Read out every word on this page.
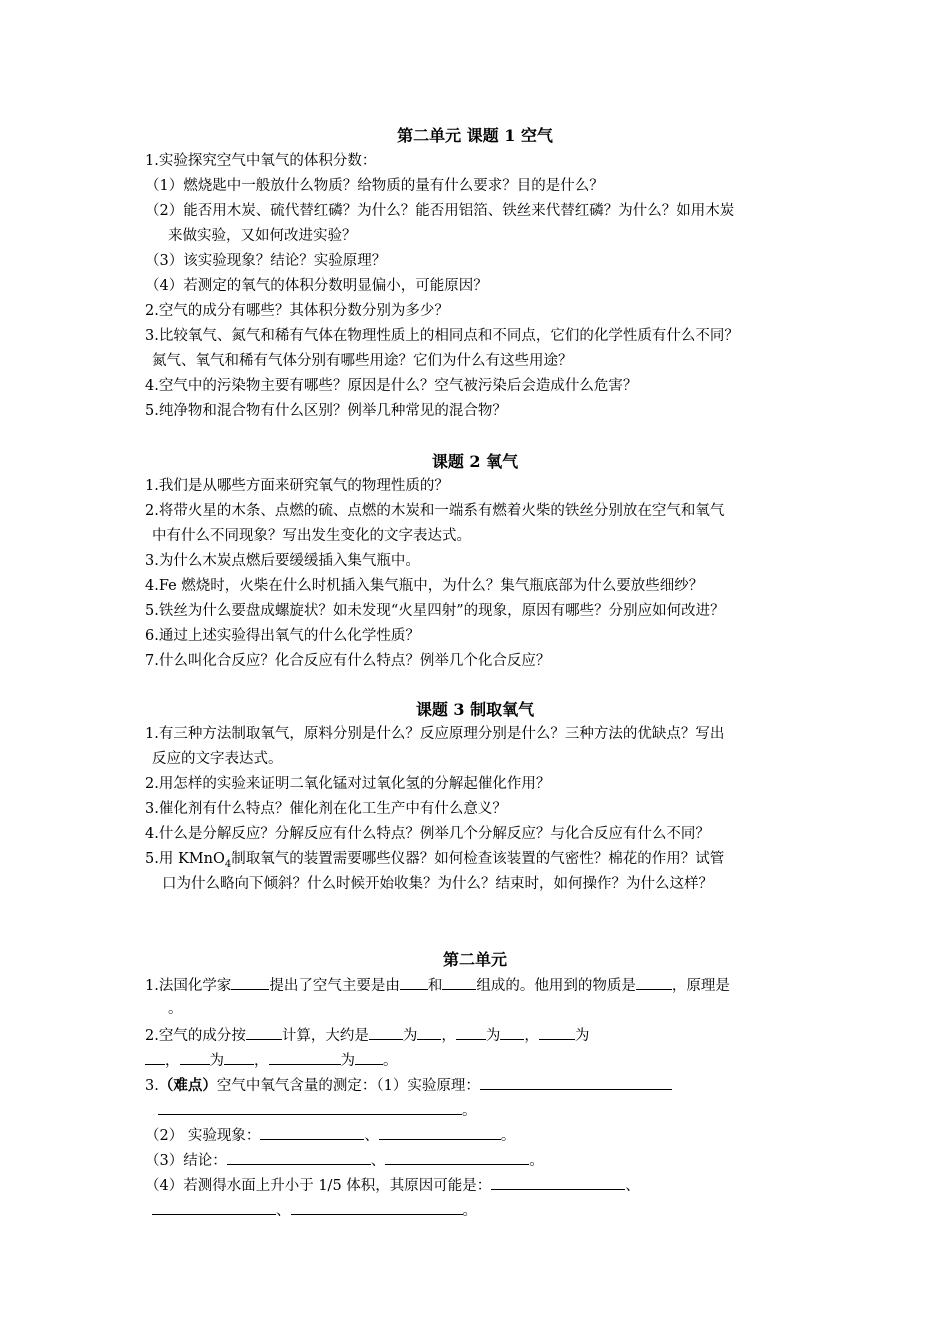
第二单元 课题 1 空气
1.实验探究空气中氧气的体积分数：
（1）燃烧匙中一般放什么物质？给物质的量有什么要求？目的是什么？
（2）能否用木炭、硫代替红磷？为什么？能否用铝箔、铁丝来代替红磷？为什么？如用木炭
来做实验，又如何改进实验？
（3）该实验现象？结论？实验原理？
（4）若测定的氧气的体积分数明显偏小，可能原因？
2.空气的成分有哪些？其体积分数分别为多少？
3.比较氧气、氮气和稀有气体在物理性质上的相同点和不同点，它们的化学性质有什么不同？
氮气、氧气和稀有气体分别有哪些用途？它们为什么有这些用途？
4.空气中的污染物主要有哪些？原因是什么？空气被污染后会造成什么危害？
5.纯净物和混合物有什么区别？例举几种常见的混合物？
课题 2 氧气
1.我们是从哪些方面来研究氧气的物理性质的？
2.将带火星的木条、点燃的硫、点燃的木炭和一端系有燃着火柴的铁丝分别放在空气和氧气
中有什么不同现象？写出发生变化的文字表达式。
3.为什么木炭点燃后要缓缓插入集气瓶中。
4.Fe 燃烧时，火柴在什么时机插入集气瓶中，为什么？集气瓶底部为什么要放些细纱？
5.铁丝为什么要盘成螺旋状？如未发现“火星四射”的现象，原因有哪些？分别应如何改进？
6.通过上述实验得出氧气的什么化学性质？
7.什么叫化合反应？化合反应有什么特点？例举几个化合反应？
课题 3 制取氧气
1.有三种方法制取氧气，原料分别是什么？反应原理分别是什么？三种方法的优缺点？写出
反应的文字表达式。
2.用怎样的实验来证明二氧化锰对过氧化氢的分解起催化作用？
3.催化剂有什么特点？催化剂在化工生产中有什么意义？
4.什么是分解反应？分解反应有什么特点？例举几个分解反应？与化合反应有什么不同？
5.用 KMnO$_4$制取氧气的装置需要哪些仪器？如何检查该装置的气密性？棉花的作用？试管
口为什么略向下倾斜？什么时候开始收集？为什么？结束时，如何操作？为什么这样？
第二单元
1.法国化学家	提出了空气主要是由 和 组成的。他用到的物质是 ，原理是
。
2.空气的成分按 计算，大约是 为 ， 为 ， 为
， 为 ，	为 。
3.（难点）空气中氧气含量的测定：（1）实验原理：
。
（2） 实验现象：	、	。
（3）结论：	、	。
（4）若测得水面上升小于 1/5 体积，其原因可能是：	、
、	。
